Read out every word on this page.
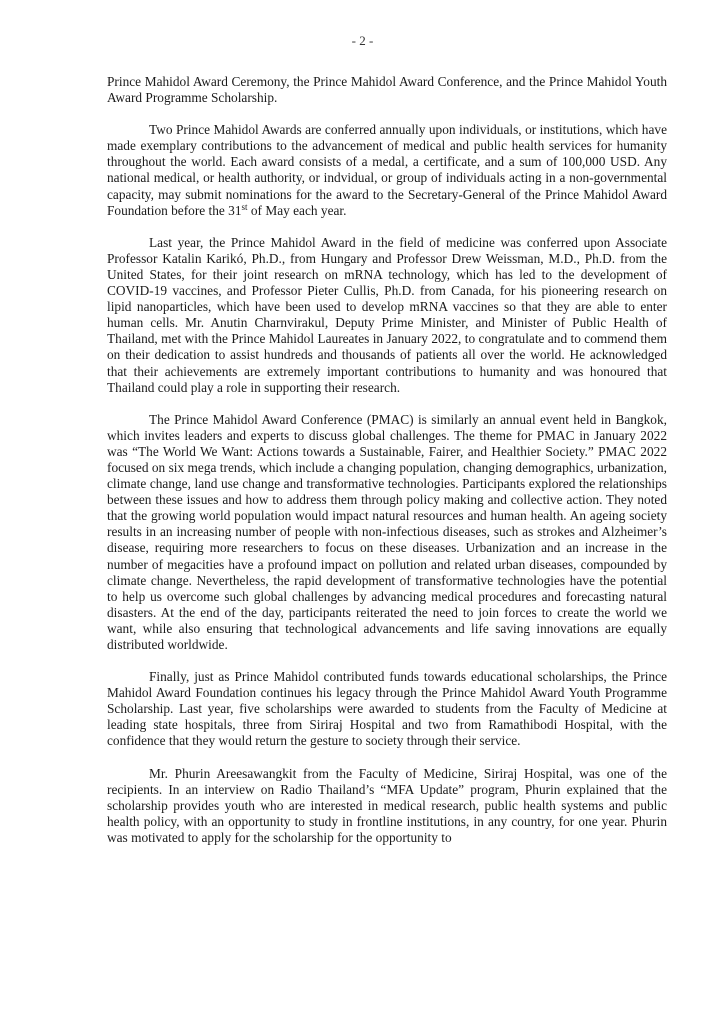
- 2 -

Prince Mahidol Award Ceremony, the Prince Mahidol Award Conference, and the Prince Mahidol Youth Award Programme Scholarship.

Two Prince Mahidol Awards are conferred annually upon individuals, or institutions, which have made exemplary contributions to the advancement of medical and public health services for humanity throughout the world. Each award consists of a medal, a certificate, and a sum of 100,000 USD. Any national medical, or health authority, or indvidual, or group of individuals acting in a non-governmental capacity, may submit nominations for the award to the Secretary-General of the Prince Mahidol Award Foundation before the 31st of May each year.

Last year, the Prince Mahidol Award in the field of medicine was conferred upon Associate Professor Katalin Karikó, Ph.D., from Hungary and Professor Drew Weissman, M.D., Ph.D. from the United States, for their joint research on mRNA technology, which has led to the development of COVID-19 vaccines, and Professor Pieter Cullis, Ph.D. from Canada, for his pioneering research on lipid nanoparticles, which have been used to develop mRNA vaccines so that they are able to enter human cells. Mr. Anutin Charnvirakul, Deputy Prime Minister, and Minister of Public Health of Thailand, met with the Prince Mahidol Laureates in January 2022, to congratulate and to commend them on their dedication to assist hundreds and thousands of patients all over the world. He acknowledged that their achievements are extremely important contributions to humanity and was honoured that Thailand could play a role in supporting their research.

The Prince Mahidol Award Conference (PMAC) is similarly an annual event held in Bangkok, which invites leaders and experts to discuss global challenges. The theme for PMAC in January 2022 was “The World We Want: Actions towards a Sustainable, Fairer, and Healthier Society.” PMAC 2022 focused on six mega trends, which include a changing population, changing demographics, urbanization, climate change, land use change and transformative technologies. Participants explored the relationships between these issues and how to address them through policy making and collective action. They noted that the growing world population would impact natural resources and human health. An ageing society results in an increasing number of people with non-infectious diseases, such as strokes and Alzheimer’s disease, requiring more researchers to focus on these diseases. Urbanization and an increase in the number of megacities have a profound impact on pollution and related urban diseases, compounded by climate change. Nevertheless, the rapid development of transformative technologies have the potential to help us overcome such global challenges by advancing medical procedures and forecasting natural disasters. At the end of the day, participants reiterated the need to join forces to create the world we want, while also ensuring that technological advancements and life saving innovations are equally distributed worldwide.

Finally, just as Prince Mahidol contributed funds towards educational scholarships, the Prince Mahidol Award Foundation continues his legacy through the Prince Mahidol Award Youth Programme Scholarship. Last year, five scholarships were awarded to students from the Faculty of Medicine at leading state hospitals, three from Siriraj Hospital and two from Ramathibodi Hospital, with the confidence that they would return the gesture to society through their service.

Mr. Phurin Areesawangkit from the Faculty of Medicine, Siriraj Hospital, was one of the recipients. In an interview on Radio Thailand’s “MFA Update” program, Phurin explained that the scholarship provides youth who are interested in medical research, public health systems and public health policy, with an opportunity to study in frontline institutions, in any country, for one year. Phurin was motivated to apply for the scholarship for the opportunity to
